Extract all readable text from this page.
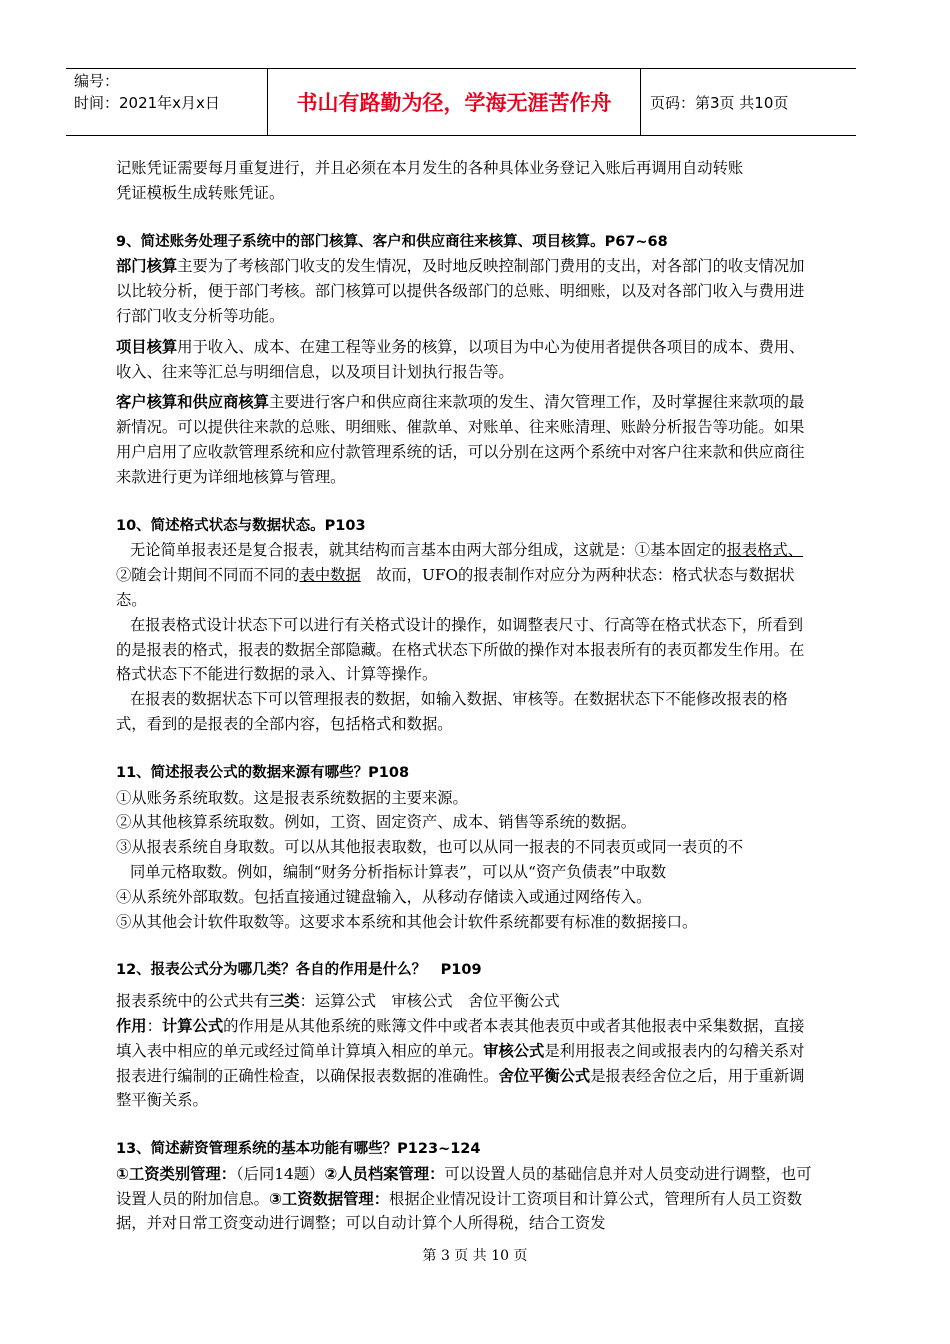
编号：
时间：2021年x月x日	书山有路勤为径，学海无涯苦作舟	页码：第3页 共10页

记账凭证需要每月重复进行，并且必须在本月发生的各种具体业务登记入账后再调用自动转账

凭证模板生成转账凭证。

9、简述账务处理子系统中的部门核算、客户和供应商往来核算、项目核算。P67~68

部门核算主要为了考核部门收支的发生情况，及时地反映控制部门费用的支出，对各部门的收支情况加以比较分析，便于部门考核。部门核算可以提供各级部门的总账、明细账，以及对各部门收入与费用进行部门收支分析等功能。

项目核算用于收入、成本、在建工程等业务的核算，以项目为中心为使用者提供各项目的成本、费用、收入、往来等汇总与明细信息，以及项目计划执行报告等。

客户核算和供应商核算主要进行客户和供应商往来款项的发生、清欠管理工作，及时掌握往来款项的最新情况。可以提供往来款的总账、明细账、催款单、对账单、往来账清理、账龄分析报告等功能。如果用户启用了应收款管理系统和应付款管理系统的话，可以分别在这两个系统中对客户往来款和供应商往来款进行更为详细地核算与管理。

10、简述格式状态与数据状态。P103

无论简单报表还是复合报表，就其结构而言基本由两大部分组成，这就是：①基本固定的报表格式、②随会计期间不同而不同的表中数据　故而，UFO的报表制作对应分为两种状态：格式状态与数据状态。

在报表格式设计状态下可以进行有关格式设计的操作，如调整表尺寸、行高等在格式状态下，所看到的是报表的格式，报表的数据全部隐藏。在格式状态下所做的操作对本报表所有的表页都发生作用。在格式状态下不能进行数据的录入、计算等操作。

在报表的数据状态下可以管理报表的数据，如输入数据、审核等。在数据状态下不能修改报表的格式，看到的是报表的全部内容，包括格式和数据。

11、简述报表公式的数据来源有哪些？P108

①从账务系统取数。这是报表系统数据的主要来源。

②从其他核算系统取数。例如，工资、固定资产、成本、销售等系统的数据。

③从报表系统自身取数。可以从其他报表取数，也可以从同一报表的不同表页或同一表页的不

同单元格取数。例如，编制“财务分析指标计算表”，可以从“资产负债表”中取数

④从系统外部取数。包括直接通过键盘输入，从移动存储读入或通过网络传入。

⑤从其他会计软件取数等。这要求本系统和其他会计软件系统都要有标准的数据接口。

12、报表公式分为哪几类？各自的作用是什么？　P109

报表系统中的公式共有三类：运算公式　审核公式　舍位平衡公式

作用：计算公式的作用是从其他系统的账簿文件中或者本表其他表页中或者其他报表中采集数据，直接填入表中相应的单元或经过简单计算填入相应的单元。审核公式是利用报表之间或报表内的勾稽关系对报表进行编制的正确性检查，以确保报表数据的准确性。舍位平衡公式是报表经舍位之后，用于重新调整平衡关系。

13、简述薪资管理系统的基本功能有哪些？P123~124

①工资类别管理：（后同14题）②人员档案管理：可以设置人员的基础信息并对人员变动进行调整，也可设置人员的附加信息。③工资数据管理：根据企业情况设计工资项目和计算公式，管理所有人员工资数据，并对日常工资变动进行调整；可以自动计算个人所得税，结合工资发

第 3 页 共 10 页
